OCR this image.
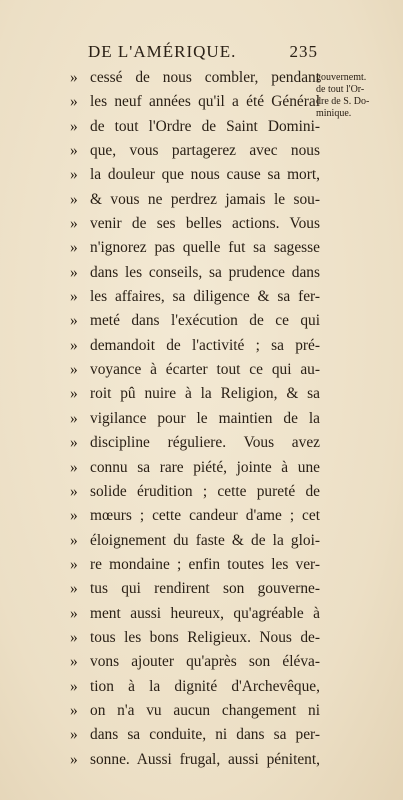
DE L'AMÉRIQUE.	235
gouvernemt.
de tout l'Or-
dre de S. Do-
minique.
» cessé de nous combler, pendant
» les neuf années qu'il a été Général
» de tout l'Ordre de Saint Domini-
» que, vous partagerez avec nous
» la douleur que nous cause sa mort,
» & vous ne perdrez jamais le sou-
» venir de ses belles actions. Vous
» n'ignorez pas quelle fut sa sagesse
» dans les conseils, sa prudence dans
» les affaires, sa diligence & sa fer-
» meté dans l'exécution de ce qui
» demandoit de l'activité ; sa pré-
» voyance à écarter tout ce qui au-
» roit pû nuire à la Religion, & sa
» vigilance pour le maintien de la
» discipline réguliere. Vous avez
» connu sa rare piété, jointe à une
» solide érudition ; cette pureté de
» mœurs ; cette candeur d'ame ; cet
» éloignement du faste & de la gloi-
» re mondaine ; enfin toutes les ver-
» tus qui rendirent son gouverne-
» ment aussi heureux, qu'agréable à
» tous les bons Religieux. Nous de-
» vons ajouter qu'après son éléva-
» tion à la dignité d'Archevêque,
» on n'a vu aucun changement ni
» dans sa conduite, ni dans sa per-
» sonne. Aussi frugal, aussi pénitent,
